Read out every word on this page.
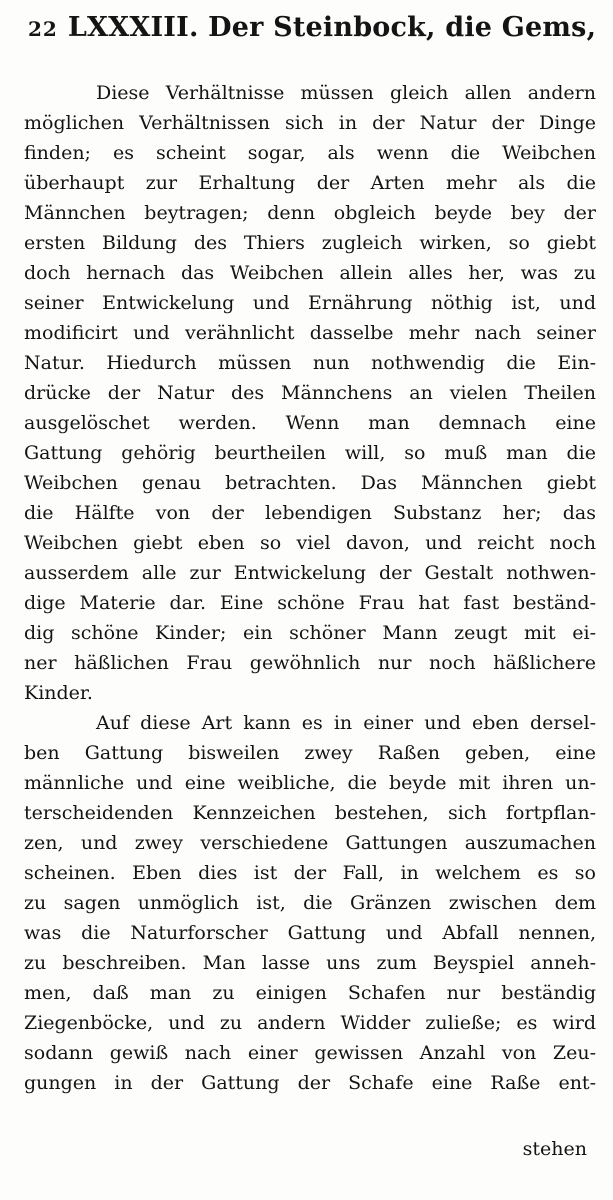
22 LXXXIII. Der Steinbock, die Gems,
Diese Verhältnisse müssen gleich allen andern
möglichen Verhältnissen sich in der Natur der Dinge
finden; es scheint sogar, als wenn die Weibchen
überhaupt zur Erhaltung der Arten mehr als die
Männchen beytragen; denn obgleich beyde bey der
ersten Bildung des Thiers zugleich wirken, so giebt
doch hernach das Weibchen allein alles her, was zu
seiner Entwickelung und Ernährung nöthig ist, und
modificirt und verähnlicht dasselbe mehr nach seiner
Natur. Hiedurch müssen nun nothwendig die Ein-
drücke der Natur des Männchens an vielen Theilen
ausgelöschet werden. Wenn man demnach eine
Gattung gehörig beurtheilen will, so muß man die
Weibchen genau betrachten. Das Männchen giebt
die Hälfte von der lebendigen Substanz her; das
Weibchen giebt eben so viel davon, und reicht noch
ausserdem alle zur Entwickelung der Gestalt nothwen-
dige Materie dar. Eine schöne Frau hat fast beständ-
dig schöne Kinder; ein schöner Mann zeugt mit ei-
ner häßlichen Frau gewöhnlich nur noch häßlichere
Kinder.
Auf diese Art kann es in einer und eben dersel-
ben Gattung bisweilen zwey Raßen geben, eine
männliche und eine weibliche, die beyde mit ihren un-
terscheidenden Kennzeichen bestehen, sich fortpflan-
zen, und zwey verschiedene Gattungen auszumachen
scheinen. Eben dies ist der Fall, in welchem es so
zu sagen unmöglich ist, die Gränzen zwischen dem
was die Naturforscher Gattung und Abfall nennen,
zu beschreiben. Man lasse uns zum Beyspiel anneh-
men, daß man zu einigen Schafen nur beständig
Ziegenböcke, und zu andern Widder zuließe; es wird
sodann gewiß nach einer gewissen Anzahl von Zeu-
gungen in der Gattung der Schafe eine Raße ent-
stehen
